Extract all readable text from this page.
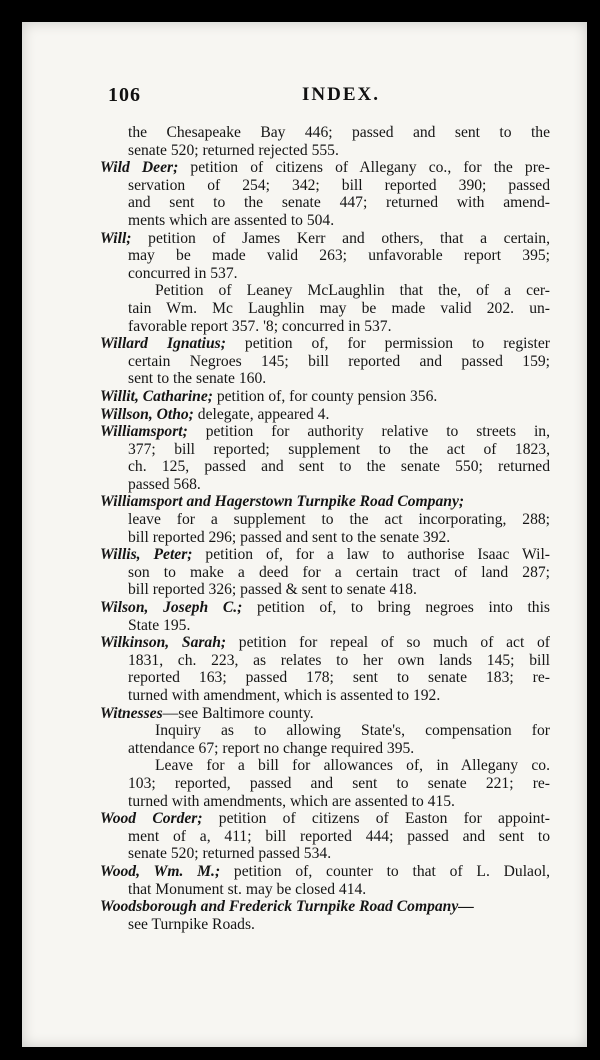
106	INDEX.
the Chesapeake Bay 446; passed and sent to the
senate 520; returned rejected 555.
Wild Deer; petition of citizens of Allegany co., for the pre-
servation of 254; 342; bill reported 390; passed
and sent to the senate 447; returned with amend-
ments which are assented to 504.
Will; petition of James Kerr and others, that a certain,
may be made valid 263; unfavorable report 395;
concurred in 537.
Petition of Leaney McLaughlin that the, of a cer-
tain Wm. Mc Laughlin may be made valid 202. un-
favorable report 357. '8; concurred in 537.
Willard Ignatius; petition of, for permission to register
certain Negroes 145; bill reported and passed 159;
sent to the senate 160.
Willit, Catharine; petition of, for county pension 356.
Willson, Otho; delegate, appeared 4.
Williamsport; petition for authority relative to streets in,
377; bill reported; supplement to the act of 1823,
ch. 125, passed and sent to the senate 550; returned
passed 568.
Williamsport and Hagerstown Turnpike Road Company;
leave for a supplement to the act incorporating, 288;
bill reported 296; passed and sent to the senate 392.
Willis, Peter; petition of, for a law to authorise Isaac Wil-
son to make a deed for a certain tract of land 287;
bill reported 326; passed & sent to senate 418.
Wilson, Joseph C.; petition of, to bring negroes into this
State 195.
Wilkinson, Sarah; petition for repeal of so much of act of
1831, ch. 223, as relates to her own lands 145; bill
reported 163; passed 178; sent to senate 183; re-
turned with amendment, which is assented to 192.
Witnesses—see Baltimore county.
Inquiry as to allowing State's, compensation for
attendance 67; report no change required 395.
Leave for a bill for allowances of, in Allegany co.
103; reported, passed and sent to senate 221; re-
turned with amendments, which are assented to 415.
Wood Corder; petition of citizens of Easton for appoint-
ment of a, 411; bill reported 444; passed and sent to
senate 520; returned passed 534.
Wood, Wm. M.; petition of, counter to that of L. Dulaol,
that Monument st. may be closed 414.
Woodsborough and Frederick Turnpike Road Company—
see Turnpike Roads.
